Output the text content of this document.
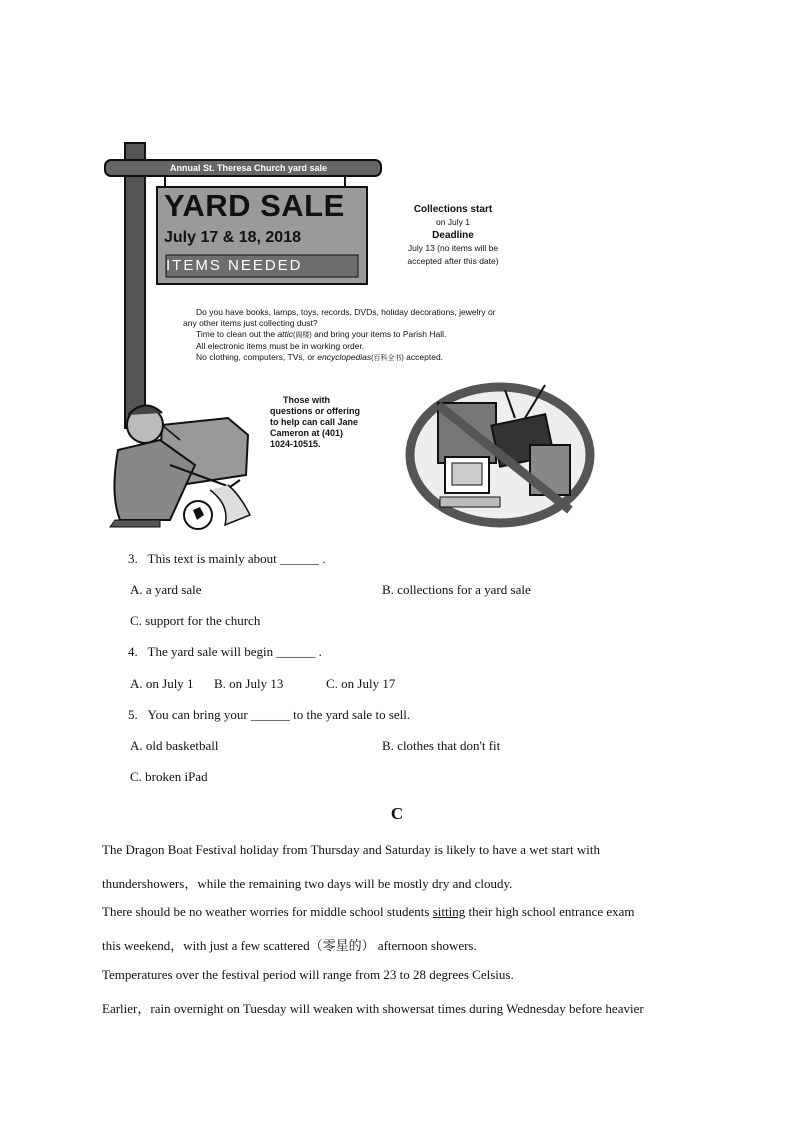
Annual St. Theresa Church yard sale
YARD SALE
July 17 & 18, 2018
ITEMS NEEDED
Collections start
on July 1
Deadline
July 13 (no items will be
accepted after this date)
Do you have books, lamps, toys, records, DVDs, holiday decorations, jewelry or
any other items just collecting dust?
Time to clean out the attic(阁楼) and bring your items to Parish Hall.
All electronic items must be in working order.
No clothing, computers, TVs, or encyclopedias(百科全书) accepted.
Those with
questions or offering
to help can call Jane
Cameron at (401)
1024-10515.
3. This text is mainly about ______ .
A. a yard sale	B. collections for a yard sale
C. support for the church
4. The yard sale will begin ______ .
A. on July 1 B. on July 13	C. on July 17
5. You can bring your ______ to the yard sale to sell.
A. old basketball	B. clothes that don't fit
C. broken iPad
C
The Dragon Boat Festival holiday from Thursday and Saturday is likely to have a wet start with
thundershowers，while the remaining two days will be mostly dry and cloudy.
There should be no weather worries for middle school students sitting their high school entrance exam
this weekend，with just a few scattered（零星的） afternoon showers.
Temperatures over the festival period will range from 23 to 28 degrees Celsius.
Earlier，rain overnight on Tuesday will weaken with showersat times during Wednesday before heavier
